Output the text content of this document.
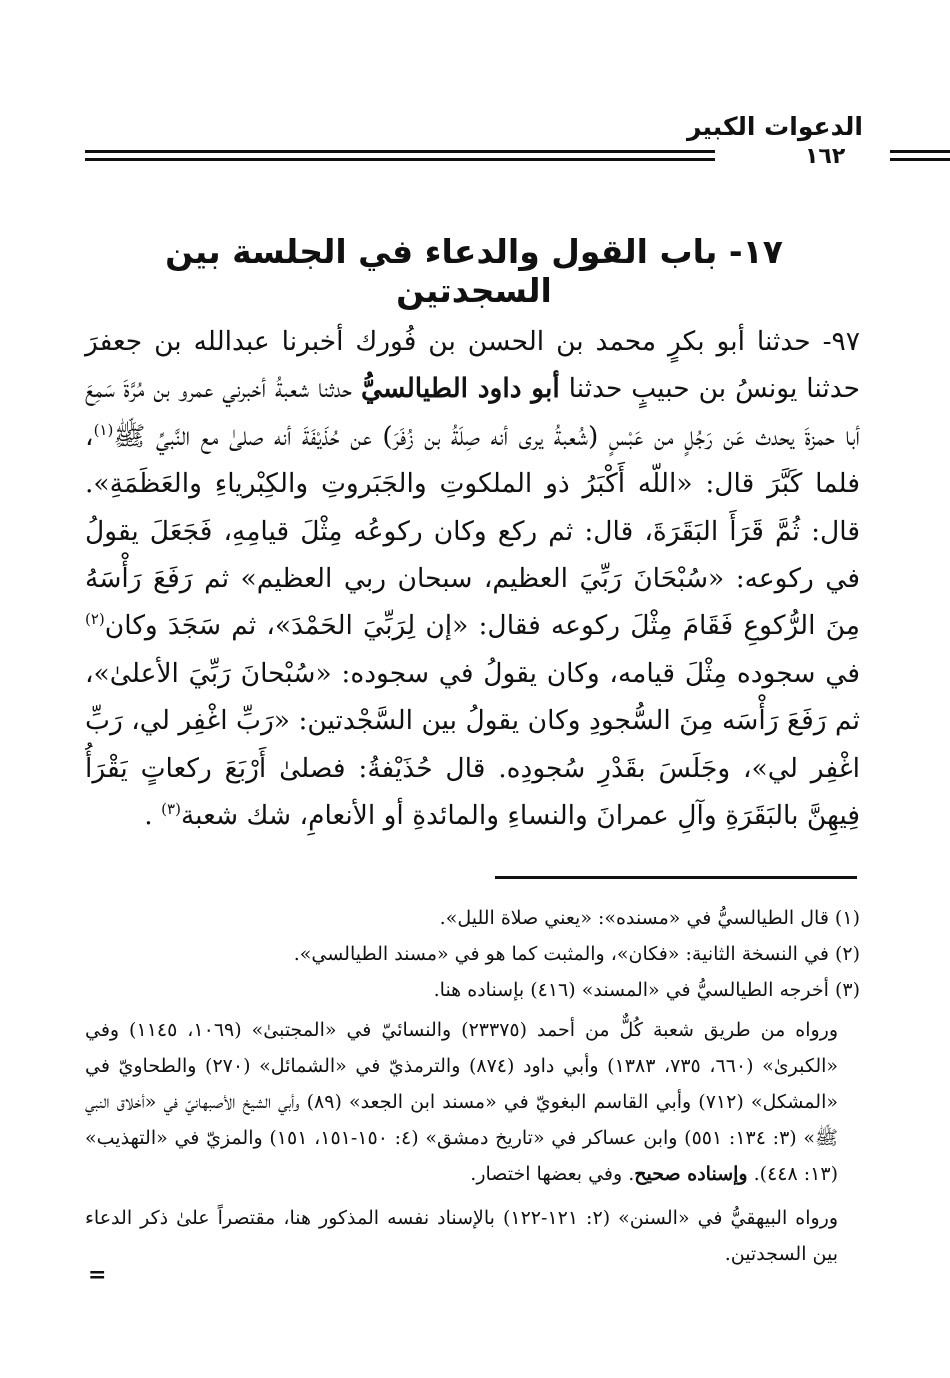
الدعوات الكبير
١٦٢
١٧- باب القول والدعاء في الجلسة بين السجدتين
٩٧- حدثنا أبو بكرٍ محمد بن الحسن بن فُورك أخبرنا عبدالله بن جعفرَ حدثنا يونسُ بن حبيبٍ حدثنا أبو داود الطيالسيُّ حدثنا شعبةُ أخبرني عمرو بن مُرَّةَ سَمِعَ أبا حمزةَ يحدث عَن رَجُلٍ من عَبْسٍ (شُعبةُ يرى أنه صِلَةُ بن زُفَرَ) عن حُذَيْفَةَ أنه صلىٰ مع النَّبيِّ ﷺ$^{(١)}$، فلما كَبَّرَ قال: «اللّه أَكْبَرُ ذو الملكوتِ والجَبَروتِ والكِبْرياءِ والعَظَمَةِ». قال: ثُمَّ قَرَأَ البَقَرَةَ، قال: ثم ركع وكان ركوعُه مِثْلَ قيامِهِ، فَجَعَلَ يقولُ في ركوعه: «سُبْحَانَ رَبِّيَ العظيم، سبحان ربي العظيم» ثم رَفَعَ رَأْسَهُ مِنَ الرُّكوعِ فَقَامَ مِثْلَ ركوعه فقال: «إن لِرَبِّيَ الحَمْدَ»، ثم سَجَدَ وكان$^{(٢)}$ في سجوده مِثْلَ قيامه، وكان يقولُ في سجوده: «سُبْحانَ رَبِّيَ الأعلىٰ»، ثم رَفَعَ رَأْسَه مِنَ السُّجودِ وكان يقولُ بين السَّجْدتين: «رَبِّ اغْفِر لي، رَبِّ اغْفِر لي»، وجَلَسَ بقَدْرِ سُجودِه. قال حُذَيْفةُ: فصلىٰ أَرْبَعَ ركعاتٍ يَقْرَأُ فِيهِنَّ بالبَقَرَةِ وآلِ عمرانَ والنساءِ والمائدةِ أو الأنعامِ، شك شعبة$^{(٣)}$ .
(١) قال الطيالسيُّ في «مسنده»: «يعني صلاة الليل».
(٢) في النسخة الثانية: «فكان»، والمثبت كما هو في «مسند الطيالسي».
(٣) أخرجه الطيالسيُّ في «المسند» (٤١٦) بإسناده هنا.
ورواه من طريق شعبة كُلٌّ من أحمد (٢٣٣٧٥) والنسائيّ في «المجتبىٰ» (١٠٦٩، ١١٤٥) وفي «الكبرىٰ» (٦٦٠، ٧٣٥، ١٣٨٣) وأبي داود (٨٧٤) والترمذيّ في «الشمائل» (٢٧٠) والطحاويّ في «المشكل» (٧١٢) وأبي القاسم البغويّ في «مسند ابن الجعد» (٨٩) وأبي الشيخ الأصبهانيّ في «أخلاق النبي ﷺ» (٣: ١٣٤: ٥٥١) وابن عساكر في «تاريخ دمشق» (٤: ١٥٠-١٥١، ١٥١) والمزيّ في «التهذيب» (١٣: ٤٤٨). وإسناده صحيح. وفي بعضها اختصار.
ورواه البيهقيُّ في «السنن» (٢: ١٢١-١٢٢) بالإسناد نفسه المذكور هنا، مقتصراً علىٰ ذكر الدعاء بين السجدتين.
=
